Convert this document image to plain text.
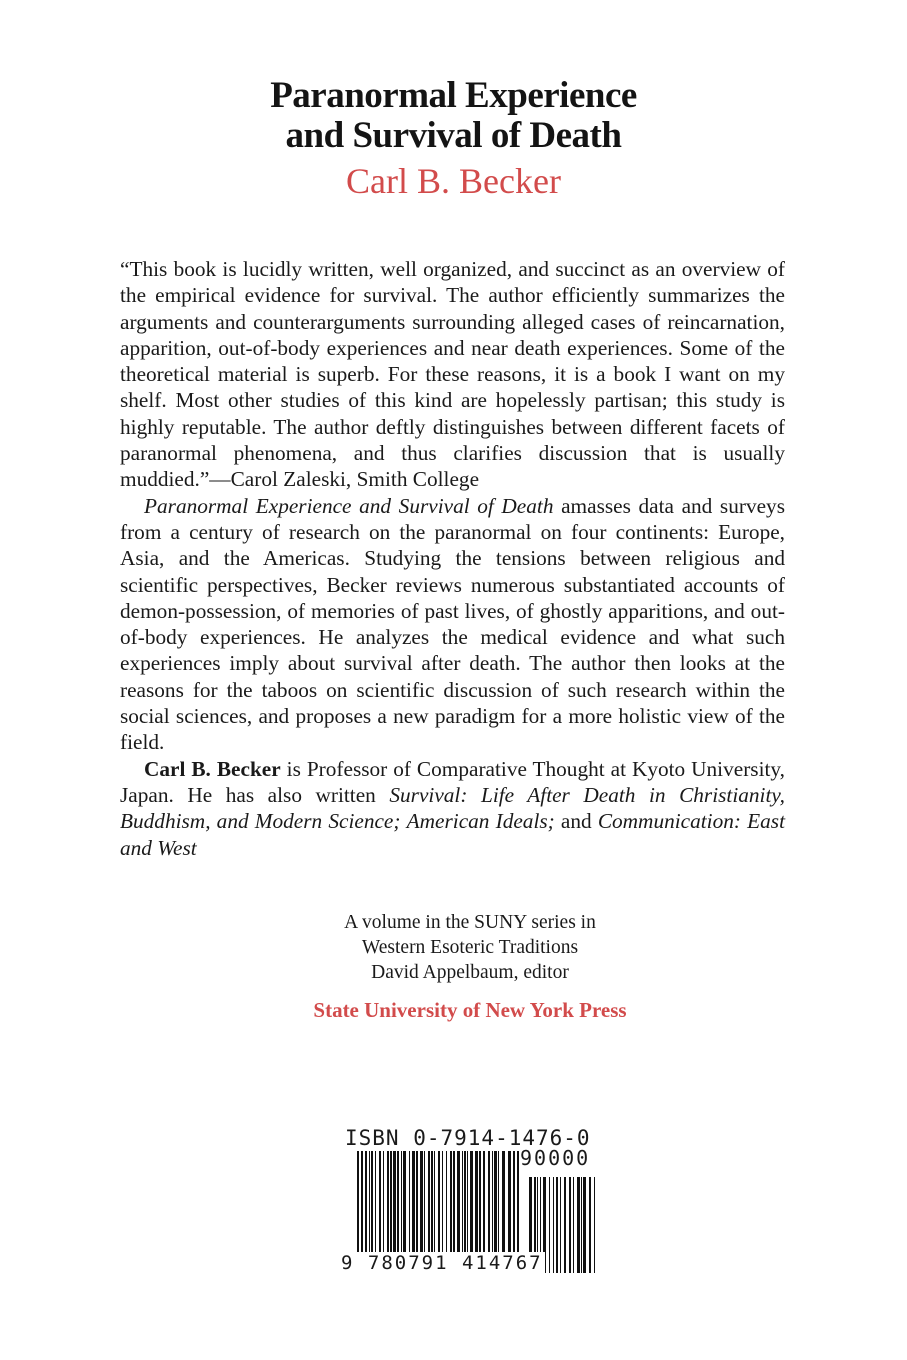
Paranormal Experience
and Survival of Death
Carl B. Becker

“This book is lucidly written, well organized, and succinct as an overview of the empirical evidence for survival. The author efficiently summarizes the arguments and counterarguments surrounding alleged cases of reincarnation, apparition, out-of-body experiences and near death experiences. Some of the theoretical material is superb. For these reasons, it is a book I want on my shelf. Most other studies of this kind are hopelessly partisan; this study is highly reputable. The author deftly distinguishes between different facets of paranormal phenomena, and thus clarifies discussion that is usually muddied.”—Carol Zaleski, Smith College

Paranormal Experience and Survival of Death amasses data and surveys from a century of research on the paranormal on four continents: Europe, Asia, and the Americas. Studying the tensions between religious and scientific perspectives, Becker reviews numerous substantiated accounts of demon-possession, of memories of past lives, of ghostly apparitions, and out-of-body experiences. He analyzes the medical evidence and what such experiences imply about survival after death. The author then looks at the reasons for the taboos on scientific discussion of such research within the social sciences, and proposes a new paradigm for a more holistic view of the field.

Carl B. Becker is Professor of Comparative Thought at Kyoto University, Japan. He has also written Survival: Life After Death in Christianity, Buddhism, and Modern Science; American Ideals; and Communication: East and West

A volume in the SUNY series in
Western Esoteric Traditions
David Appelbaum, editor
State University of New York Press
ISBN 0-7914-1476-0
90000
9 780791 414767
